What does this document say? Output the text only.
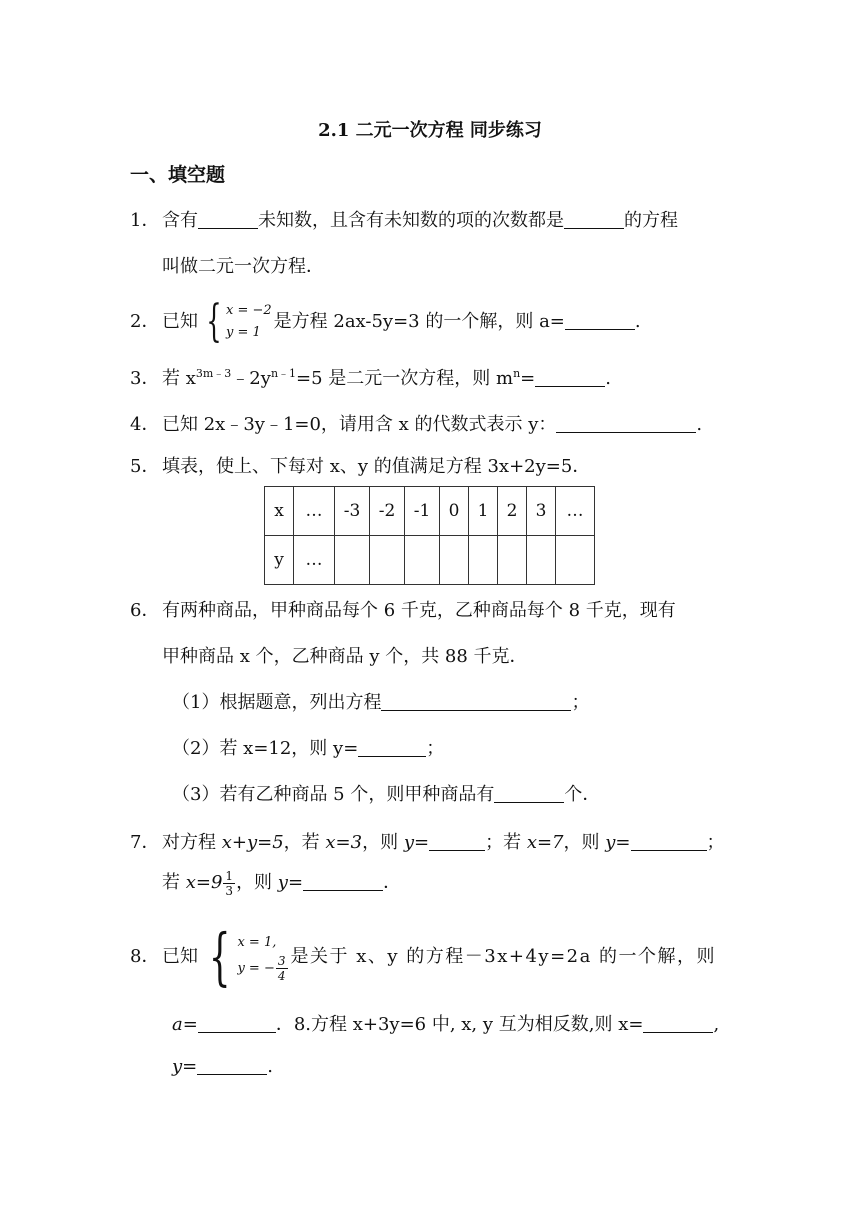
2.1 二元一次方程 同步练习
一、填空题
1． 含有	未知数，且含有未知数的项的次数都是	的方程
叫做二元一次方程．
2． 已知 { x = −2
y = 1
是方程 2ax-5y=3 的一个解，则 a=	.
3． 若 $x^{3m﹣3}﹣2y^{n﹣1}=5$ 是二元一次方程，则 $m^n=$	.
4． 已知 2x﹣3y﹣1=0，请用含 x 的代数式表示 y：	.
5． 填表，使上、下每对 x、y 的值满足方程 3x+2y=5．
x	…	-3	-2	-1	0	1	2	3	…
y	…								
6． 有两种商品，甲种商品每个 6 千克，乙种商品每个 8 千克，现有
甲种商品 x 个，乙种商品 y 个，共 88 千克．
（1）根据题意，列出方程	；
（2）若 x=12，则 y=	；
（3）若有乙种商品 5 个，则甲种商品有	个．
7． 对方程 x+y=5，若 x=3，则 y=	；若 x=7，则 y=	；
若 $x=9 \frac{1}{3}$ ，则 y=	．
8． 已知 { x = 1,
y = − $\frac{3}{4}$ 是关于 x、y 的方程－3x+4y=2a 的一个解，则
a=	．8.方程 x+3y=6 中, x, y 互为相反数,则 x=	,
y=	.
